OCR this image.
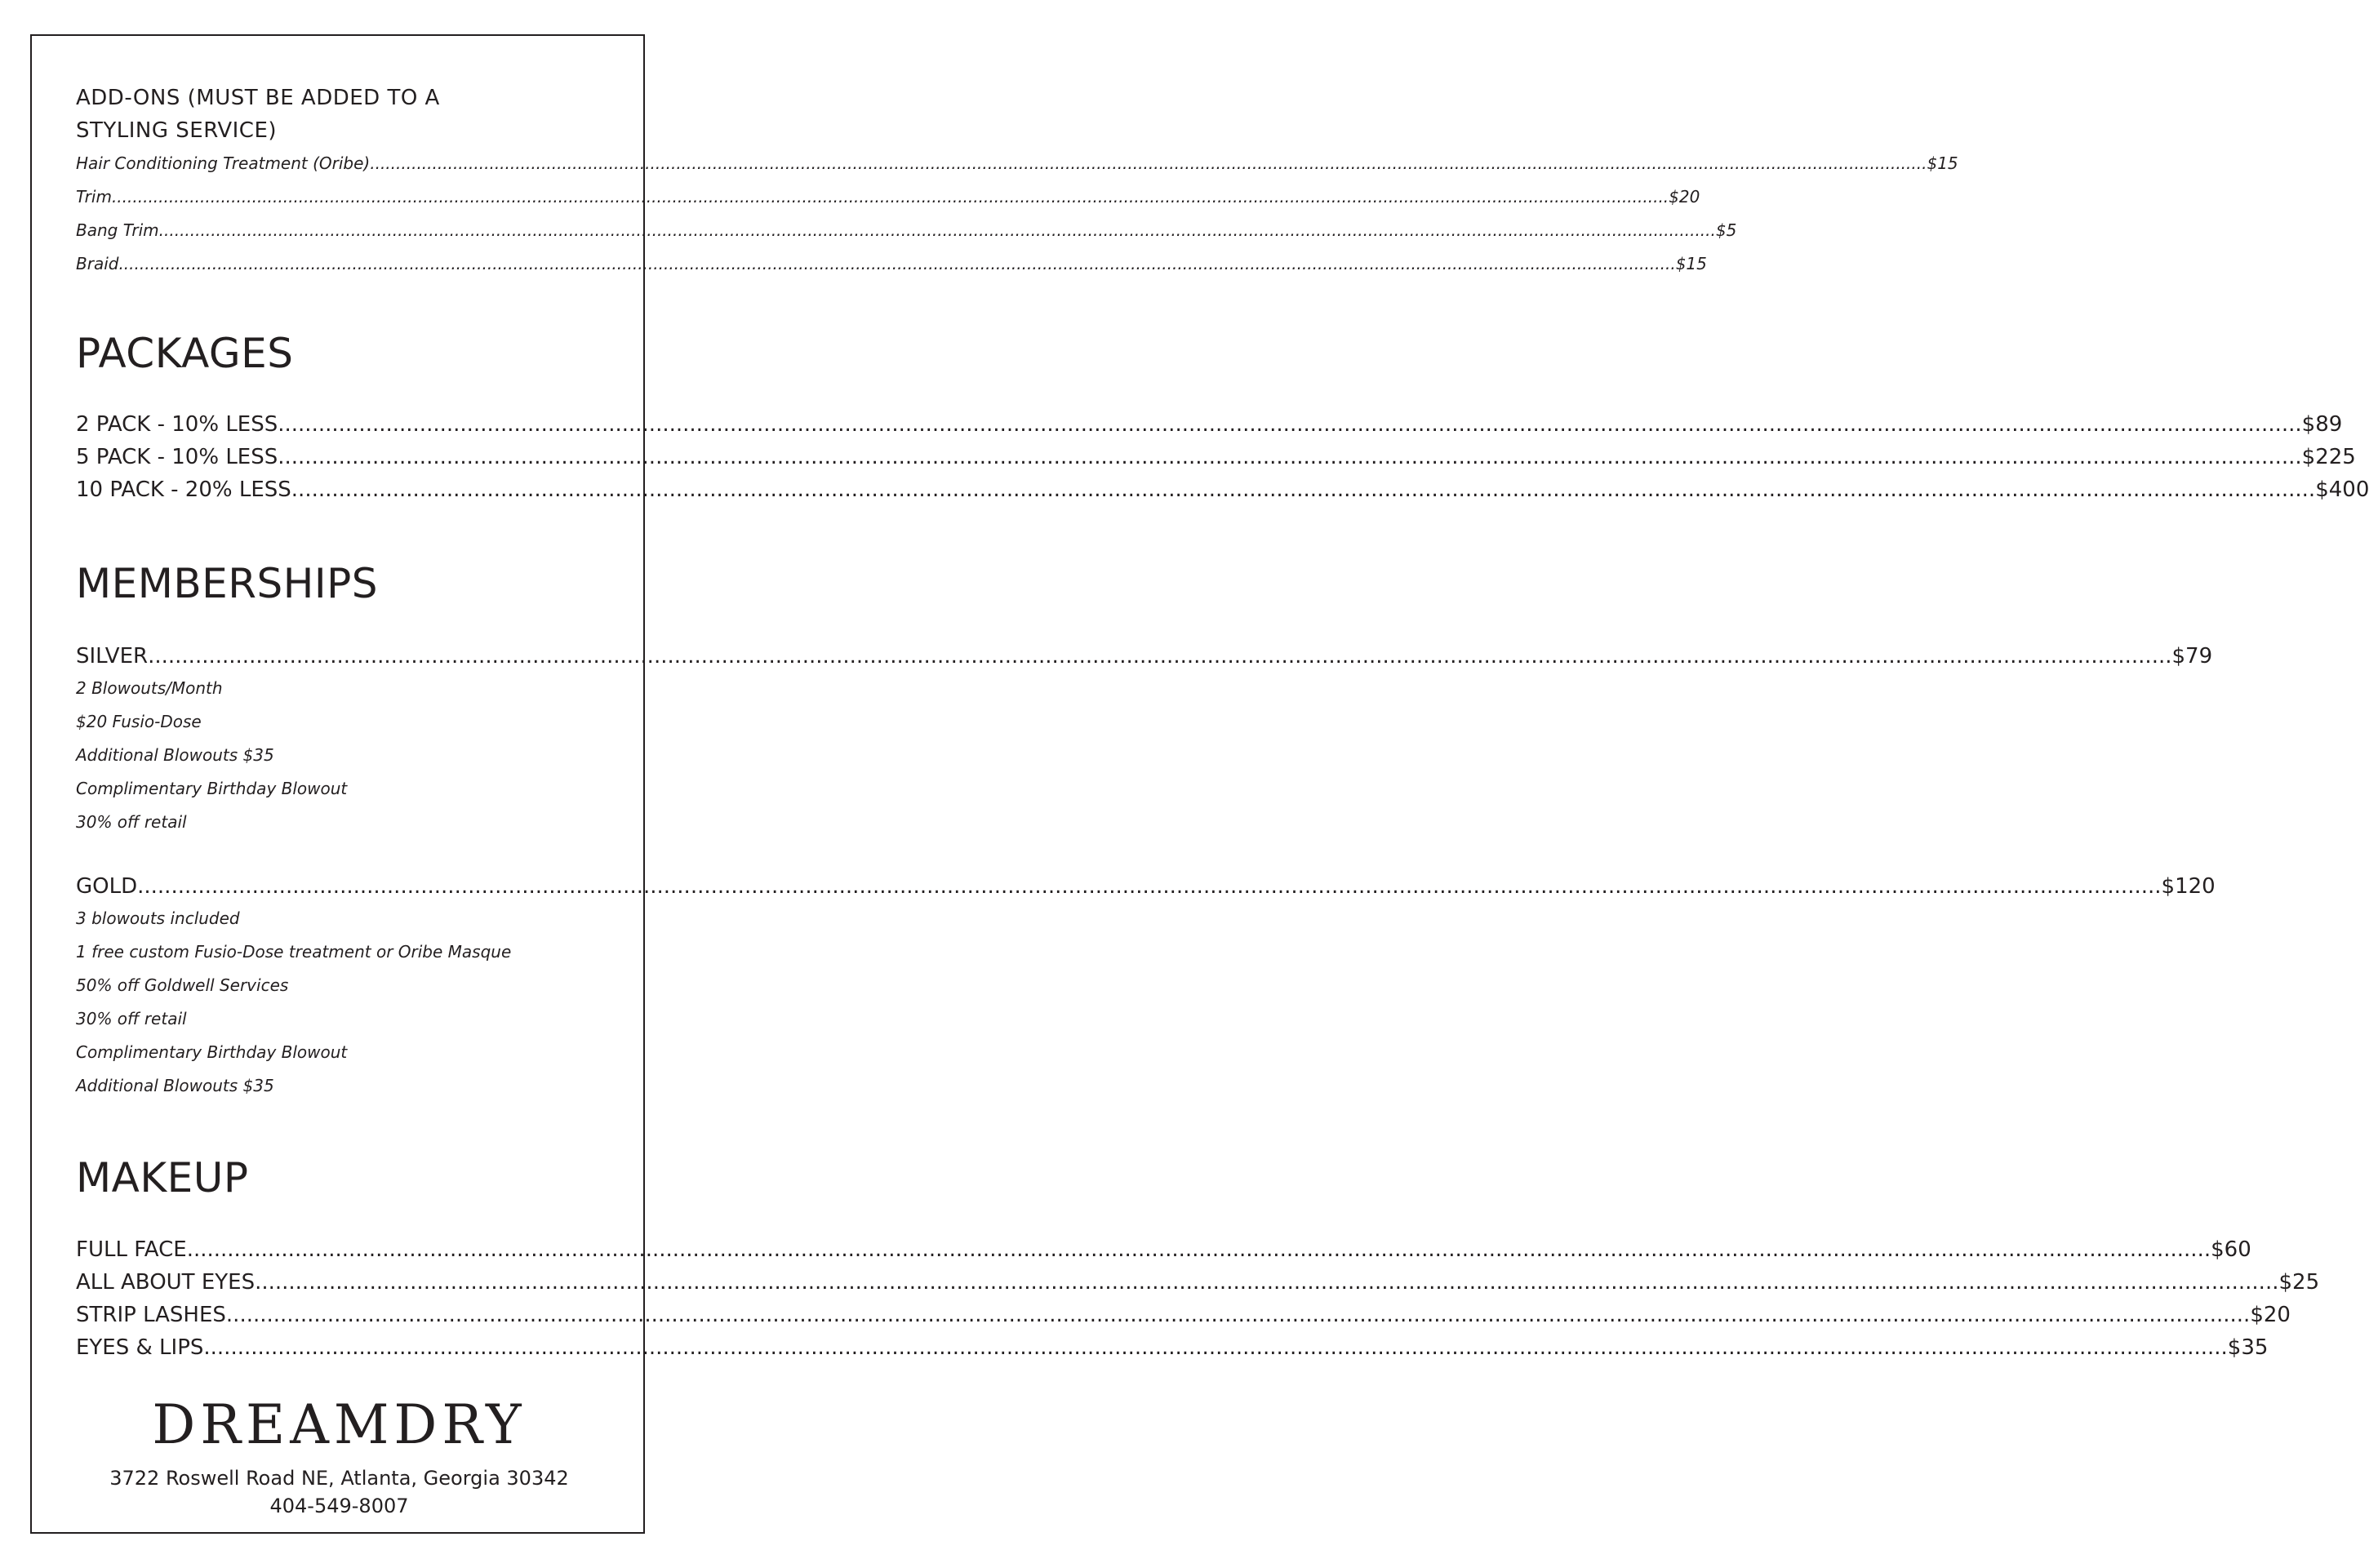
ADD-ONS (MUST BE ADDED TO A
STYLING SERVICE)
Hair Conditioning Treatment (Oribe) ............................................................................................................................................................................................................................................................................................................ $15
Trim ............................................................................................................................................................................................................................................................................................................ $20
Bang Trim ............................................................................................................................................................................................................................................................................................................ $5
Braid ............................................................................................................................................................................................................................................................................................................ $15
PACKAGES
2 PACK - 10% LESS ............................................................................................................................................................................................................................................................................................................ $89
5 PACK - 10% LESS ............................................................................................................................................................................................................................................................................................................ $225
10 PACK - 20% LESS ............................................................................................................................................................................................................................................................................................................ $400
MEMBERSHIPS
SILVER ............................................................................................................................................................................................................................................................................................................ $79
2 Blowouts/Month
$20 Fusio-Dose
Additional Blowouts $35
Complimentary Birthday Blowout
30% off retail
GOLD ............................................................................................................................................................................................................................................................................................................ $120
3 blowouts included
1 free custom Fusio-Dose treatment or Oribe Masque
50% off Goldwell Services
30% off retail
Complimentary Birthday Blowout
Additional Blowouts $35
MAKEUP
FULL FACE ............................................................................................................................................................................................................................................................................................................ $60
ALL ABOUT EYES ............................................................................................................................................................................................................................................................................................................ $25
STRIP LASHES ............................................................................................................................................................................................................................................................................................................ $20
EYES & LIPS ............................................................................................................................................................................................................................................................................................................ $35
DREAMDRY
3722 Roswell Road NE, Atlanta, Georgia 30342
404-549-8007
